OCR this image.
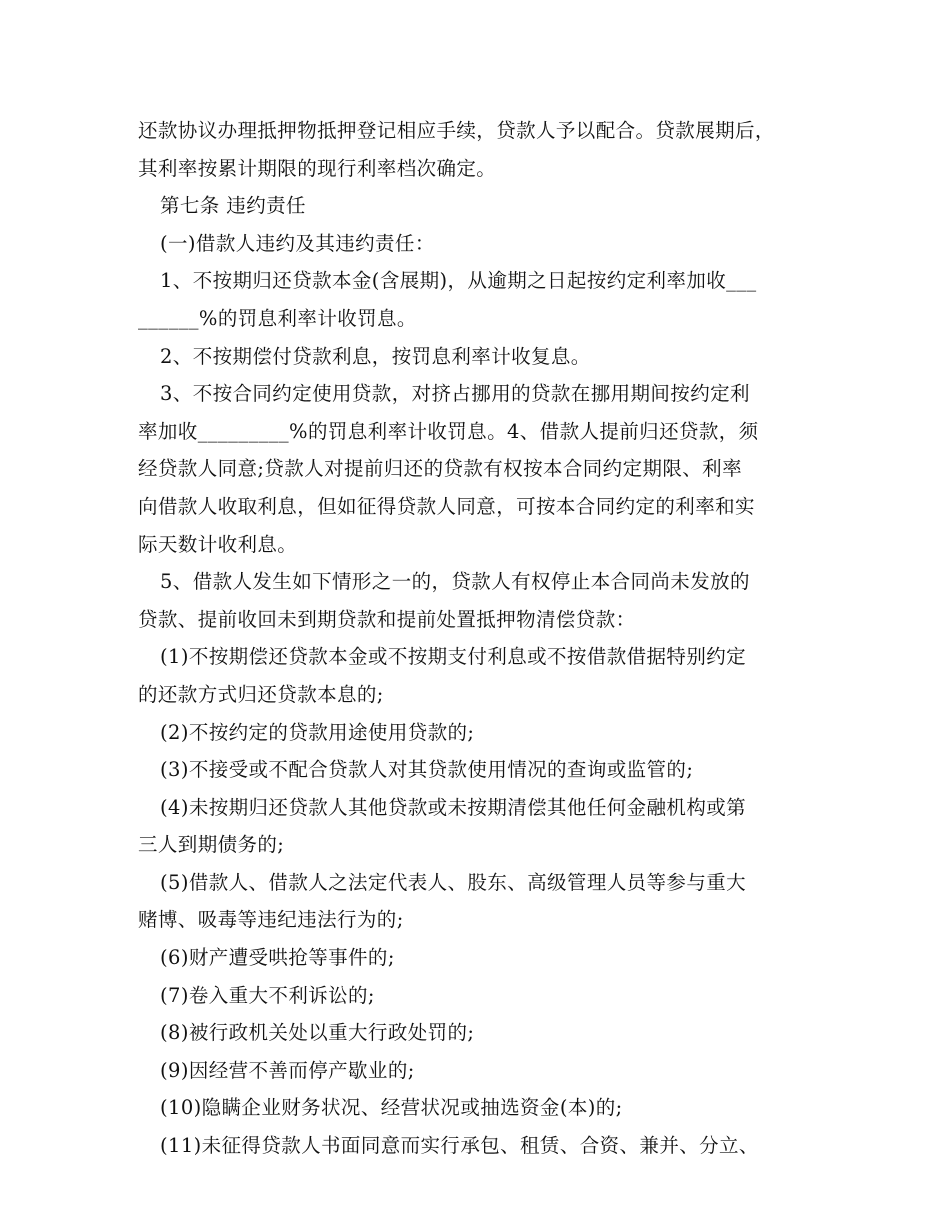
还款协议办理抵押物抵押登记相应手续，贷款人予以配合。贷款展期后，
其利率按累计期限的现行利率档次确定。
第七条 违约责任
(一)借款人违约及其违约责任：
1、不按期归还贷款本金(含展期)，从逾期之日起按约定利率加收___
______%的罚息利率计收罚息。
2、不按期偿付贷款利息，按罚息利率计收复息。
3、不按合同约定使用贷款，对挤占挪用的贷款在挪用期间按约定利
率加收_________%的罚息利率计收罚息。4、借款人提前归还贷款，须
经贷款人同意;贷款人对提前归还的贷款有权按本合同约定期限、利率
向借款人收取利息，但如征得贷款人同意，可按本合同约定的利率和实
际天数计收利息。
5、借款人发生如下情形之一的，贷款人有权停止本合同尚未发放的
贷款、提前收回未到期贷款和提前处置抵押物清偿贷款：
(1)不按期偿还贷款本金或不按期支付利息或不按借款借据特别约定
的还款方式归还贷款本息的;
(2)不按约定的贷款用途使用贷款的;
(3)不接受或不配合贷款人对其贷款使用情况的查询或监管的;
(4)未按期归还贷款人其他贷款或未按期清偿其他任何金融机构或第
三人到期债务的;
(5)借款人、借款人之法定代表人、股东、高级管理人员等参与重大
赌博、吸毒等违纪违法行为的;
(6)财产遭受哄抢等事件的;
(7)卷入重大不利诉讼的;
(8)被行政机关处以重大行政处罚的;
(9)因经营不善而停产歇业的;
(10)隐瞒企业财务状况、经营状况或抽选资金(本)的;
(11)未征得贷款人书面同意而实行承包、租赁、合资、兼并、分立、
